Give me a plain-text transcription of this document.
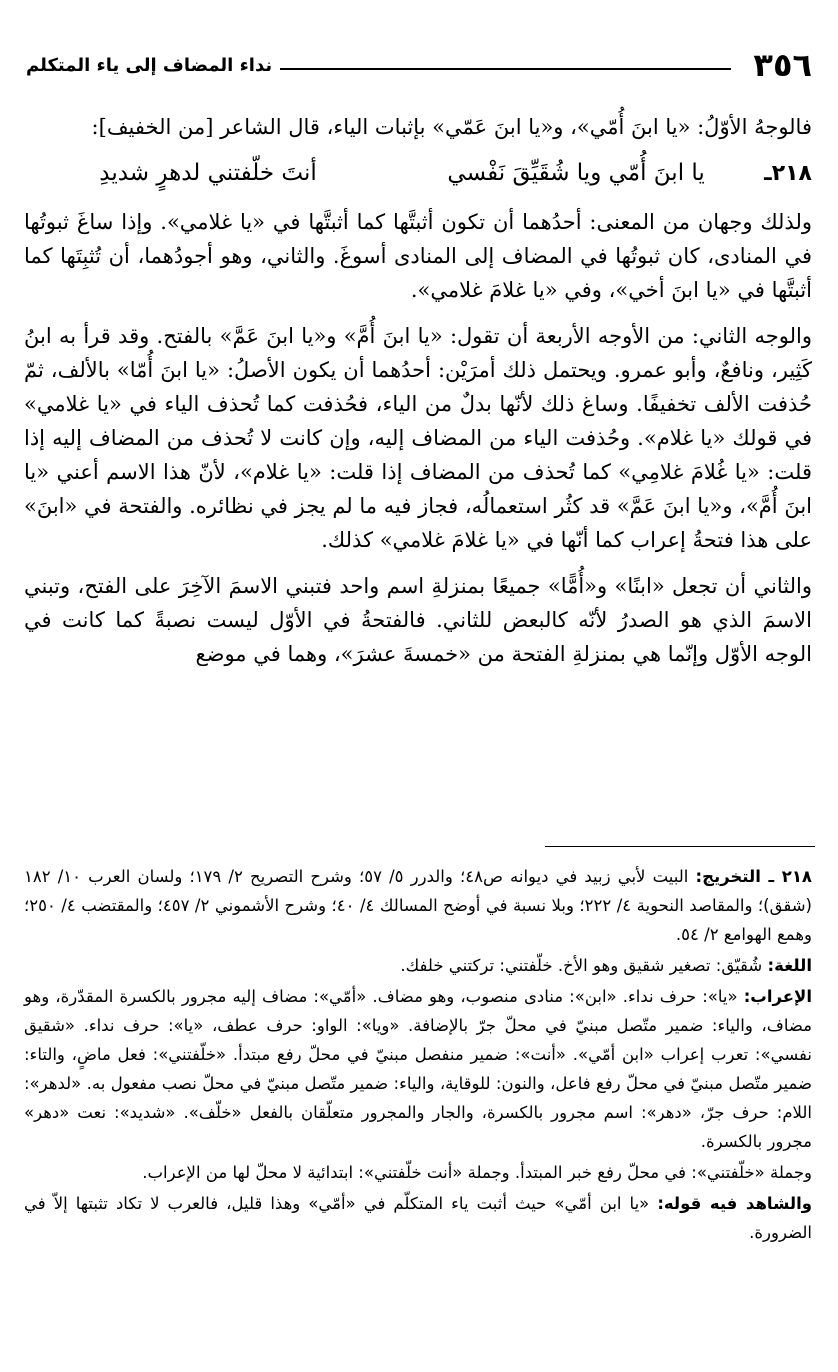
٣٥٦
نداء المضاف إلى ياء المتكلم

فالوجهُ الأوّلُ: «يا ابنَ أُمّي»، و«يا ابنَ عَمّي» بإثبات الياء، قال الشاعر [من الخفيف]:

٢١٨ـ
يا ابنَ أُمّي ويا شُقَيِّقَ نَفْسي
أنتَ خلّفتني لدهرٍ شديدِ

ولذلك وجهان من المعنى: أحدُهما أن تكون أثبتَّها كما أثبتَّها في «يا غلامي». وإذا ساغَ ثبوتُها في المنادى، كان ثبوتُها في المضاف إلى المنادى أسوغَ. والثاني، وهو أجودُهما، أن تُثبِتَها كما أثبتَّها في «يا ابنَ أخي»، وفي «يا غلامَ غلامي».

والوجه الثاني: من الأوجه الأربعة أن تقول: «يا ابنَ أُمَّ» و«يا ابنَ عَمَّ» بالفتح. وقد قرأ به ابنُ كَثِير، ونافعٌ، وأبو عمرو. ويحتمل ذلك أمرَيْن: أحدُهما أن يكون الأصلُ: «يا ابنَ أُمّا» بالألف، ثمّ حُذفت الألف تخفيفًا. وساغ ذلك لأنّها بدلٌ من الياء، فحُذفت كما تُحذف الياء في «يا غلامي» في قولك «يا غلام». وحُذفت الياء من المضاف إليه، وإن كانت لا تُحذف من المضاف إليه إذا قلت: «يا غُلامَ غلامِي» كما تُحذف من المضاف إذا قلت: «يا غلام»، لأنّ هذا الاسم أعني «يا ابنَ أُمَّ»، و«يا ابنَ عَمَّ» قد كثُر استعمالُه، فجاز فيه ما لم يجز في نظائره. والفتحة في «ابنَ» على هذا فتحةُ إعراب كما أنّها في «يا غلامَ غلامي» كذلك.

والثاني أن تجعل «ابنًا» و«أُمًّا» جميعًا بمنزلةِ اسم واحد فتبني الاسمَ الآخِرَ على الفتح، وتبني الاسمَ الذي هو الصدرُ لأنّه كالبعض للثاني. فالفتحةُ في الأوّل ليست نصبةً كما كانت في الوجه الأوّل وإنّما هي بمنزلةِ الفتحة من «خمسةَ عشرَ»، وهما في موضع

٢١٨ ـ التخريج: البيت لأبي زبيد في ديوانه ص٤٨؛ والدرر ٥/ ٥٧؛ وشرح التصريح ٢/ ١٧٩؛ ولسان العرب ١٠/ ١٨٢ (شقق)؛ والمقاصد النحوية ٤/ ٢٢٢؛ وبلا نسبة في أوضح المسالك ٤/ ٤٠؛ وشرح الأشموني ٢/ ٤٥٧؛ والمقتضب ٤/ ٢٥٠؛ وهمع الهوامع ٢/ ٥٤.

اللغة: شُقيّق: تصغير شقيق وهو الأخ. خلّفتني: تركتني خلفك.

الإعراب: «يا»: حرف نداء. «ابن»: منادى منصوب، وهو مضاف. «أمّي»: مضاف إليه مجرور بالكسرة المقدّرة، وهو مضاف، والياء: ضمير متّصل مبنيّ في محلّ جرّ بالإضافة. «ويا»: الواو: حرف عطف، «يا»: حرف نداء. «شقيق نفسي»: تعرب إعراب «ابن أمّي». «أنت»: ضمير منفصل مبنيّ في محلّ رفع مبتدأ. «خلّفتني»: فعل ماضٍ، والتاء: ضمير متّصل مبنيّ في محلّ رفع فاعل، والنون: للوقاية، والياء: ضمير متّصل مبنيّ في محلّ نصب مفعول به. «لدهر»: اللام: حرف جرّ، «دهر»: اسم مجرور بالكسرة، والجار والمجرور متعلّقان بالفعل «خلّف». «شديد»: نعت «دهر» مجرور بالكسرة.

وجملة «خلّفتني»: في محلّ رفع خبر المبتدأ. وجملة «أنت خلّفتني»: ابتدائية لا محلّ لها من الإعراب.

والشاهد فيه قوله: «يا ابن أمّي» حيث أثبت ياء المتكلّم في «أمّي» وهذا قليل، فالعرب لا تكاد تثبتها إلاّ في الضرورة.
